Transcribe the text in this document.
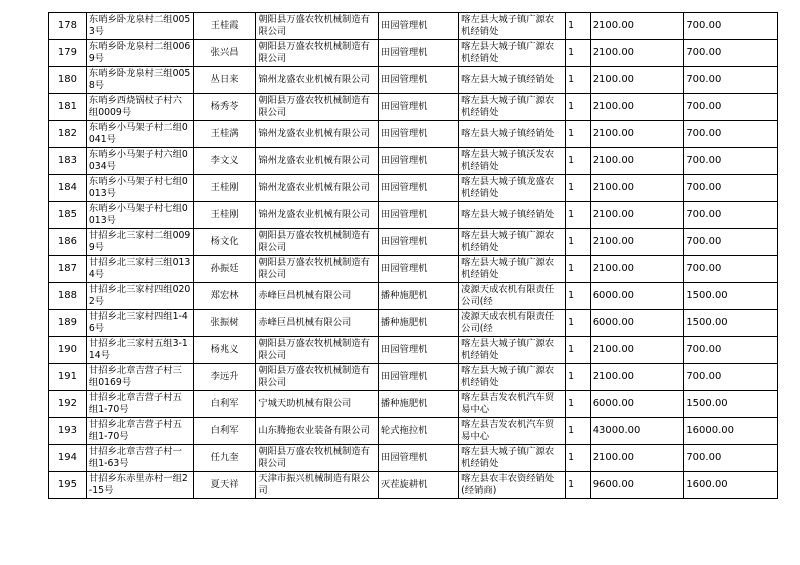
178	东哨乡卧龙泉村二组0053号	王桂霞	朝阳县万盛农牧机械制造有限公司	田园管理机	喀左县大城子镇广源农机经销处	1	2100.00	700.00
179	东哨乡卧龙泉村二组0069号	张兴昌	朝阳县万盛农牧机械制造有限公司	田园管理机	喀左县大城子镇广源农机经销处	1	2100.00	700.00
180	东哨乡卧龙泉村三组0058号	丛日来	锦州龙盛农业机械有限公司	田园管理机	喀左县大城子镇经销处	1	2100.00	700.00
181	东哨乡西烧锅杖子村六组0009号	杨秀苓	朝阳县万盛农牧机械制造有限公司	田园管理机	喀左县大城子镇广源农机经销处	1	2100.00	700.00
182	东哨乡小马架子村二组0041号	王桂满	锦州龙盛农业机械有限公司	田园管理机	喀左县大城子镇经销处	1	2100.00	700.00
183	东哨乡小马架子村六组0034号	李文义	锦州龙盛农业机械有限公司	田园管理机	喀左县大城子镇沃发农机经销处	1	2100.00	700.00
184	东哨乡小马架子村七组0013号	王桂刚	锦州龙盛农业机械有限公司	田园管理机	喀左县大城子镇龙盛农机经销处	1	2100.00	700.00
185	东哨乡小马架子村七组0013号	王桂刚	锦州龙盛农业机械有限公司	田园管理机	喀左县大城子镇经销处	1	2100.00	700.00
186	甘招乡北三家村二组0099号	杨文化	朝阳县万盛农牧机械制造有限公司	田园管理机	喀左县大城子镇广源农机经销处	1	2100.00	700.00
187	甘招乡北三家村三组0134号	孙振廷	朝阳县万盛农牧机械制造有限公司	田园管理机	喀左县大城子镇广源农机经销处	1	2100.00	700.00
188	甘招乡北三家村四组0202号	郑宏林	赤峰巨昌机械有限公司	播种施肥机	凌源天成农机有限责任公司(经	1	6000.00	1500.00
189	甘招乡北三家村四组1-46号	张振树	赤峰巨昌机械有限公司	播种施肥机	凌源天成农机有限责任公司(经	1	6000.00	1500.00
190	甘招乡北三家村五组3-114号	杨兆义	朝阳县万盛农牧机械制造有限公司	田园管理机	喀左县大城子镇广源农机经销处	1	2100.00	700.00
191	甘招乡北章吉营子村三组0169号	李远升	朝阳县万盛农牧机械制造有限公司	田园管理机	喀左县大城子镇广源农机经销处	1	2100.00	700.00
192	甘招乡北章吉营子村五组1-70号	白利军	宁城天助机械有限公司	播种施肥机	喀左县吉发农机汽车贸易中心	1	6000.00	1500.00
193	甘招乡北章吉营子村五组1-70号	白利军	山东腾拖农业装备有限公司	轮式拖拉机	喀左县吉发农机汽车贸易中心	1	43000.00	16000.00
194	甘招乡北章吉营子村一组1-63号	任九奎	朝阳县万盛农牧机械制造有限公司	田园管理机	喀左县大城子镇广源农机经销处	1	2100.00	700.00
195	甘招乡东赤里赤村一组2-15号	夏天祥	天津市振兴机械制造有限公司	灭茬旋耕机	喀左县农丰农资经销处(经销商)	1	9600.00	1600.00
